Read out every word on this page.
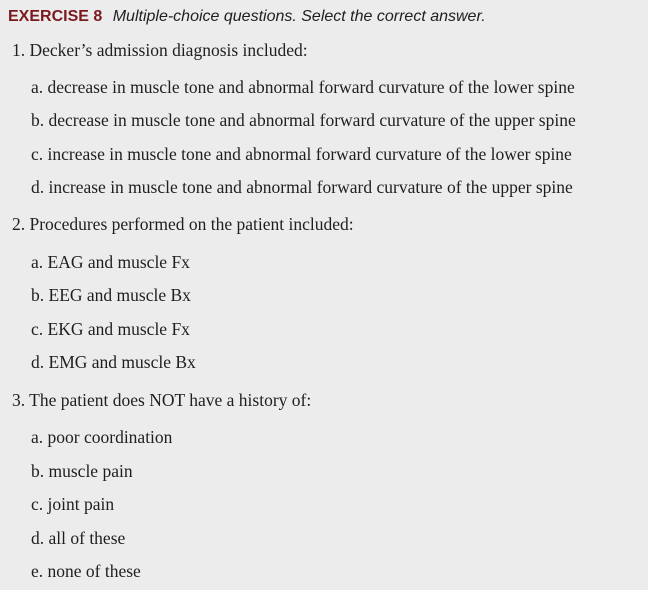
EXERCISE 8 Multiple-choice questions. Select the correct answer.
1. Decker’s admission diagnosis included:
a. decrease in muscle tone and abnormal forward curvature of the lower spine
b. decrease in muscle tone and abnormal forward curvature of the upper spine
c. increase in muscle tone and abnormal forward curvature of the lower spine
d. increase in muscle tone and abnormal forward curvature of the upper spine
2. Procedures performed on the patient included:
a. EAG and muscle Fx
b. EEG and muscle Bx
c. EKG and muscle Fx
d. EMG and muscle Bx
3. The patient does NOT have a history of:
a. poor coordination
b. muscle pain
c. joint pain
d. all of these
e. none of these
